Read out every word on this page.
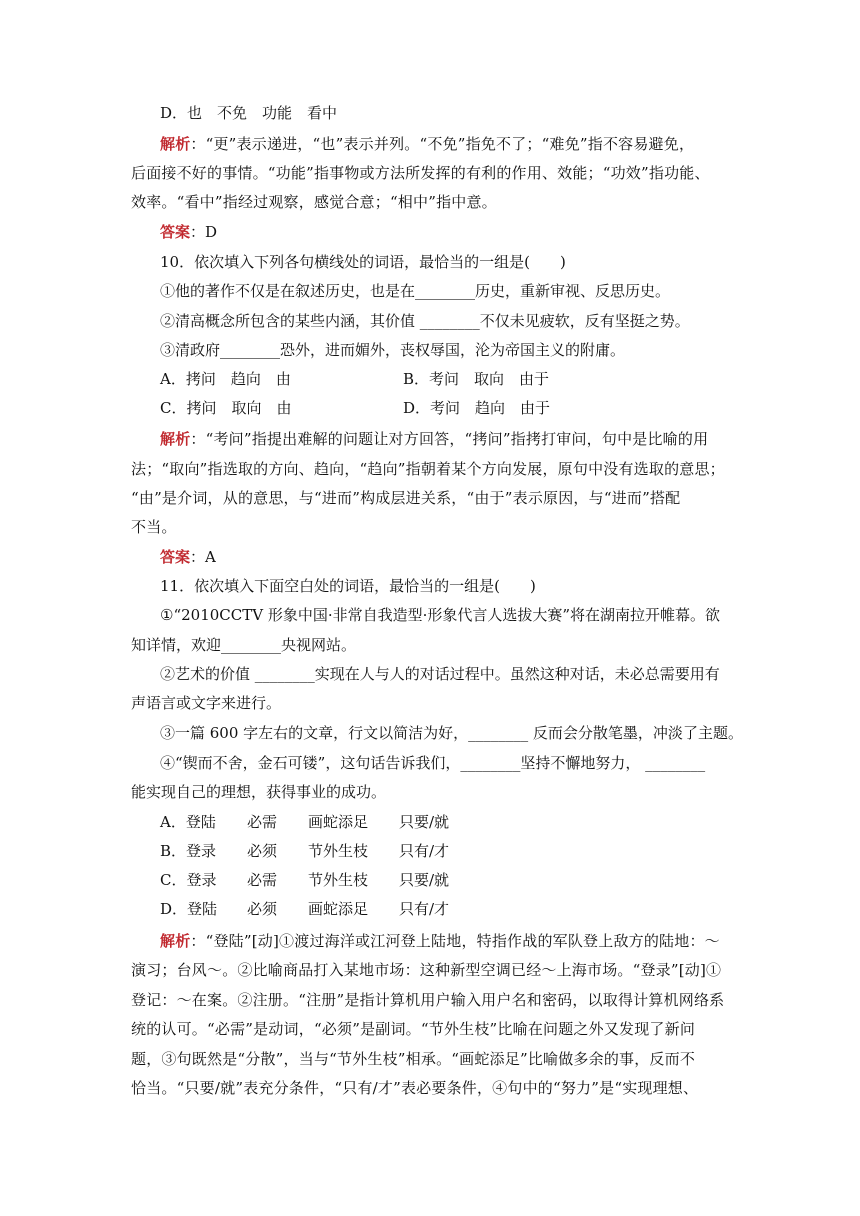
D．也　不免　功能　看中
解析：“更”表示递进，“也”表示并列。“不免”指免不了；“难免”指不容易避免，
后面接不好的事情。“功能”指事物或方法所发挥的有利的作用、效能；“功效”指功能、
效率。“看中”指经过观察，感觉合意；“相中”指中意。
答案：D
10．依次填入下列各句横线处的词语，最恰当的一组是(　　)
①他的著作不仅是在叙述历史，也是在________历史，重新审视、反思历史。
②清高概念所包含的某些内涵，其价值 ________不仅未见疲软，反有坚挺之势。
③清政府________恐外，进而媚外，丧权辱国，沦为帝国主义的附庸。
A．拷问　趋向　由	B．考问　取向　由于
C．拷问　取向　由	D．考问　趋向　由于
解析：“考问”指提出难解的问题让对方回答，“拷问”指拷打审问，句中是比喻的用
法；“取向”指选取的方向、趋向，“趋向”指朝着某个方向发展，原句中没有选取的意思；
“由”是介词，从的意思，与“进而”构成层进关系，“由于”表示原因，与“进而”搭配
不当。
答案：A
11．依次填入下面空白处的词语，最恰当的一组是(　　)
①“2010CCTV 形象中国·非常自我造型·形象代言人选拔大赛”将在湖南拉开帷幕。欲
知详情，欢迎________央视网站。
②艺术的价值 ________实现在人与人的对话过程中。虽然这种对话，未必总需要用有
声语言或文字来进行。
③一篇 600 字左右的文章，行文以简洁为好，________ 反而会分散笔墨，冲淡了主题。
④“锲而不舍，金石可镂”，这句话告诉我们，________坚持不懈地努力， ________
能实现自己的理想，获得事业的成功。
A．登陆 必需 画蛇添足 只要/就
B．登录 必须 节外生枝 只有/才
C．登录 必需 节外生枝 只要/就
D．登陆 必须 画蛇添足 只有/才
解析：“登陆”[动]①渡过海洋或江河登上陆地，特指作战的军队登上敌方的陆地：～
演习；台风～。②比喻商品打入某地市场：这种新型空调已经～上海市场。“登录”[动]①
登记：～在案。②注册。“注册”是指计算机用户输入用户名和密码，以取得计算机网络系
统的认可。“必需”是动词，“必须”是副词。“节外生枝”比喻在问题之外又发现了新问
题，③句既然是“分散”，当与“节外生枝”相承。“画蛇添足”比喻做多余的事，反而不
恰当。“只要/就”表充分条件，“只有/才”表必要条件，④句中的“努力”是“实现理想、
